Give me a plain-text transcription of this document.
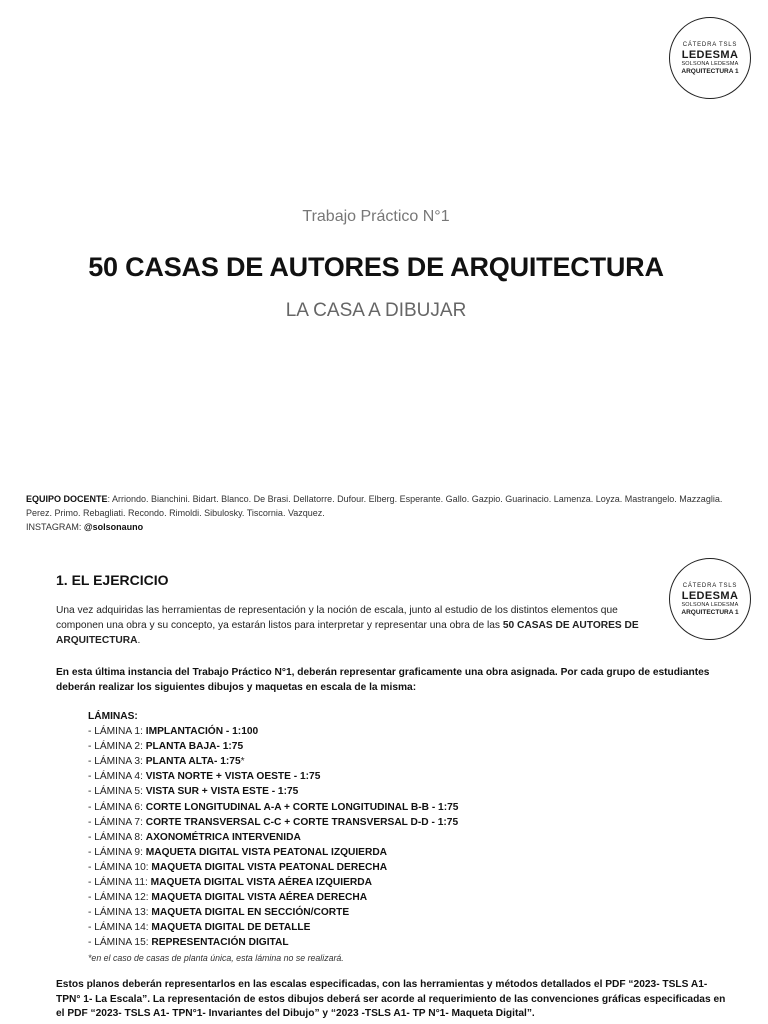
CÁTEDRA TSLS
LEDESMA
SOLSONA LEDESMA
ARQUITECTURA 1
Trabajo Práctico N°1
50 CASAS DE AUTORES DE ARQUITECTURA
LA CASA A DIBUJAR
EQUIPO DOCENTE: Arriondo. Bianchini. Bidart. Blanco. De Brasi. Dellatorre. Dufour. Elberg. Esperante. Gallo. Gazpio. Guarinacio. Lamenza. Loyza. Mastrangelo. Mazzaglia. Perez. Primo. Rebagliati. Recondo. Rimoldi. Sibulosky. Tiscornia. Vazquez.
INSTAGRAM: @solsonauno
CÁTEDRA TSLS
LEDESMA
SOLSONA LEDESMA
ARQUITECTURA 1
1. EL EJERCICIO
Una vez adquiridas las herramientas de representación y la noción de escala, junto al estudio de los distintos elementos que componen una obra y su concepto, ya estarán listos para interpretar y representar una obra de las 50 CASAS DE AUTORES DE ARQUITECTURA.
En esta última instancia del Trabajo Práctico N°1, deberán representar graficamente una obra asignada. Por cada grupo de estudiantes deberán realizar los siguientes dibujos y maquetas en escala de la misma:
LÁMINAS:
- LÁMINA 1: IMPLANTACIÓN - 1:100
- LÁMINA 2: PLANTA BAJA- 1:75
- LÁMINA 3: PLANTA ALTA- 1:75*
- LÁMINA 4: VISTA NORTE + VISTA OESTE - 1:75
- LÁMINA 5: VISTA SUR + VISTA ESTE - 1:75
- LÁMINA 6: CORTE LONGITUDINAL A-A + CORTE LONGITUDINAL B-B - 1:75
- LÁMINA 7: CORTE TRANSVERSAL C-C + CORTE TRANSVERSAL D-D - 1:75
- LÁMINA 8: AXONOMÉTRICA INTERVENIDA
- LÁMINA 9: MAQUETA DIGITAL VISTA PEATONAL IZQUIERDA
- LÁMINA 10: MAQUETA DIGITAL VISTA PEATONAL DERECHA
- LÁMINA 11: MAQUETA DIGITAL VISTA AÉREA IZQUIERDA
- LÁMINA 12: MAQUETA DIGITAL VISTA AÉREA DERECHA
- LÁMINA 13: MAQUETA DIGITAL EN SECCIÓN/CORTE
- LÁMINA 14: MAQUETA DIGITAL DE DETALLE
- LÁMINA 15: REPRESENTACIÓN DIGITAL
*en el caso de casas de planta única, esta lámina no se realizará.
Estos planos deberán representarlos en las escalas especificadas, con las herramientas y métodos detallados el PDF “2023- TSLS A1- TPN° 1- La Escala”. La representación de estos dibujos deberá ser acorde al requerimiento de las convenciones gráficas especificadas en el PDF “2023- TSLS A1- TPN°1- Invariantes del Dibujo” y “2023 -TSLS A1- TP N°1- Maqueta Digital”.
